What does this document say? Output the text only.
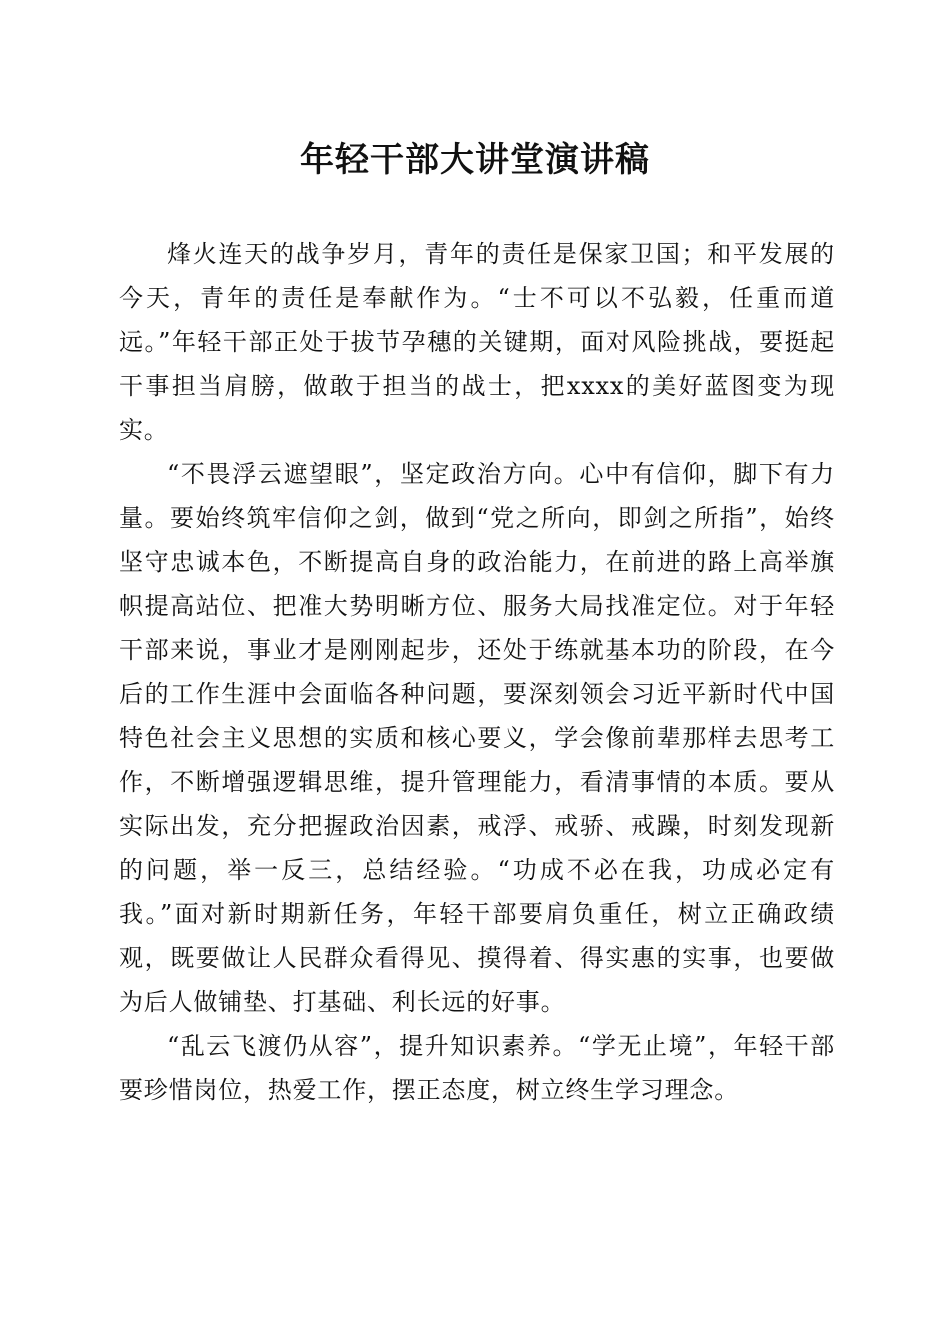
年轻干部大讲堂演讲稿

烽火连天的战争岁月，青年的责任是保家卫国；和平发展的今天，青年的责任是奉献作为。“士不可以不弘毅，任重而道远。”年轻干部正处于拔节孕穗的关键期，面对风险挑战，要挺起干事担当肩膀，做敢于担当的战士，把xxxx的美好蓝图变为现实。

“不畏浮云遮望眼”，坚定政治方向。心中有信仰，脚下有力量。要始终筑牢信仰之剑，做到“党之所向，即剑之所指”，始终坚守忠诚本色，不断提高自身的政治能力，在前进的路上高举旗帜提高站位、把准大势明晰方位、服务大局找准定位。对于年轻干部来说，事业才是刚刚起步，还处于练就基本功的阶段，在今后的工作生涯中会面临各种问题，要深刻领会习近平新时代中国特色社会主义思想的实质和核心要义，学会像前辈那样去思考工作，不断增强逻辑思维，提升管理能力，看清事情的本质。要从实际出发，充分把握政治因素，戒浮、戒骄、戒躁，时刻发现新的问题，举一反三，总结经验。“功成不必在我，功成必定有我。”面对新时期新任务，年轻干部要肩负重任，树立正确政绩观，既要做让人民群众看得见、摸得着、得实惠的实事，也要做为后人做铺垫、打基础、利长远的好事。

“乱云飞渡仍从容”，提升知识素养。“学无止境”，年轻干部要珍惜岗位，热爱工作，摆正态度，树立终生学习理念。
